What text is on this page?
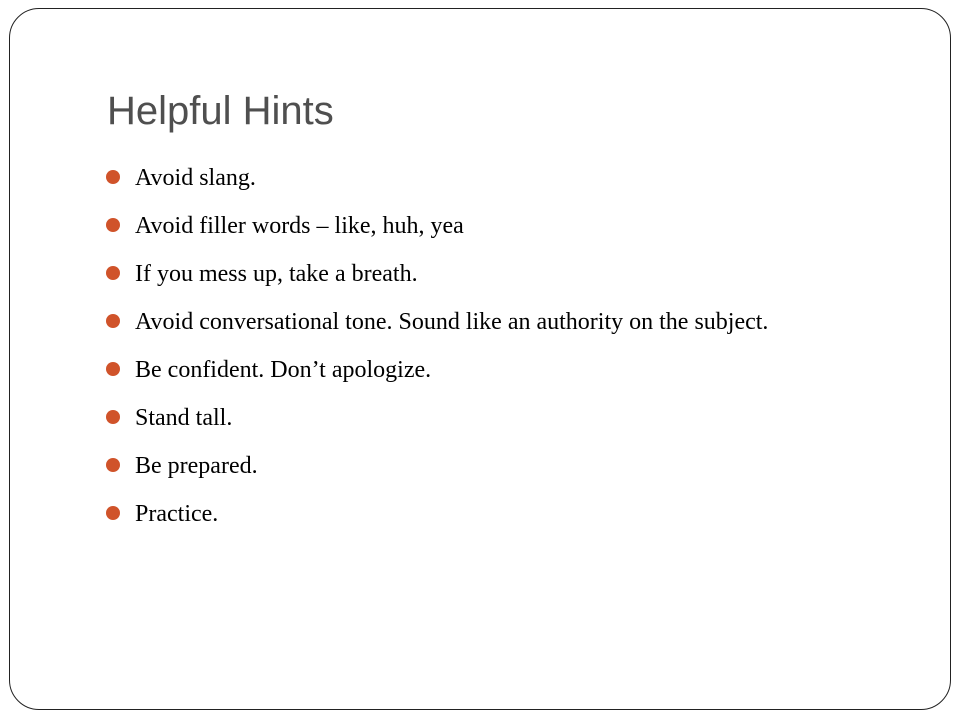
Helpful Hints
Avoid slang.
Avoid filler words – like, huh, yea
If you mess up, take a breath.
Avoid conversational tone. Sound like an authority on the subject.
Be confident. Don’t apologize.
Stand tall.
Be prepared.
Practice.
